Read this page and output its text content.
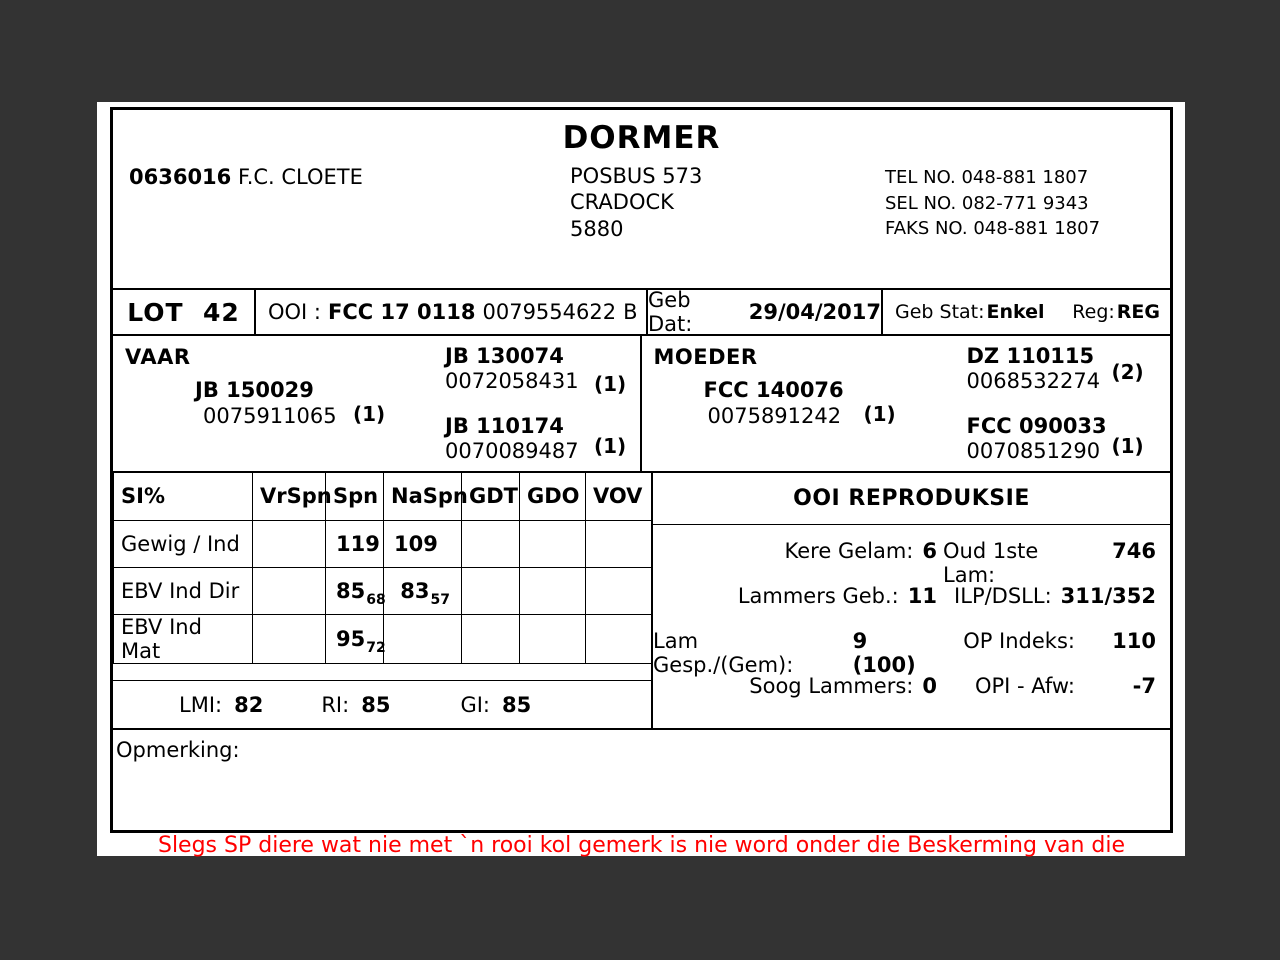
DORMER
0636016 F.C. CLOETE	POSBUS 573
CRADOCK
5880
TEL NO. 048-881 1807
SEL NO. 082-771 9343
FAKS NO. 048-881 1807
LOT
42 OOI : FCC 17 0118 0079554622 B Geb Dat:	29/04/2017 Geb Stat: Enkel Reg: REG
VAAR
JB 150029
0075911065 (1)
JB 130074
0072058431 (1)
JB 110174
0070089487 (1)
MOEDER
FCC 140076
0075891242 (1)
DZ 110115
0068532274 (2)
FCC 090033
0070851290 (1)
SI%	VrSpn	Spn	NaSpn	GDT	GDO	VOV
Gewig / Ind		119	109			
EBV Ind Dir		$85_{68}$	$83_{57}$			
EBV Ind Mat		$95_{72}$				
LMI: 82	RI: 85	GI: 85
OOI REPRODUKSIE
Kere Gelam: 6 Oud 1ste Lam:
746
Lammers Geb.: 11 ILP/DSLL: 311/352
Lam Gesp./(Gem):
9 (100)
OP Indeks:	110
Soog Lammers: 0 OPI - Afw:	-7
Opmerking:
Slegs SP diere wat nie met `n rooi kol gemerk is nie word onder die Beskerming van die
